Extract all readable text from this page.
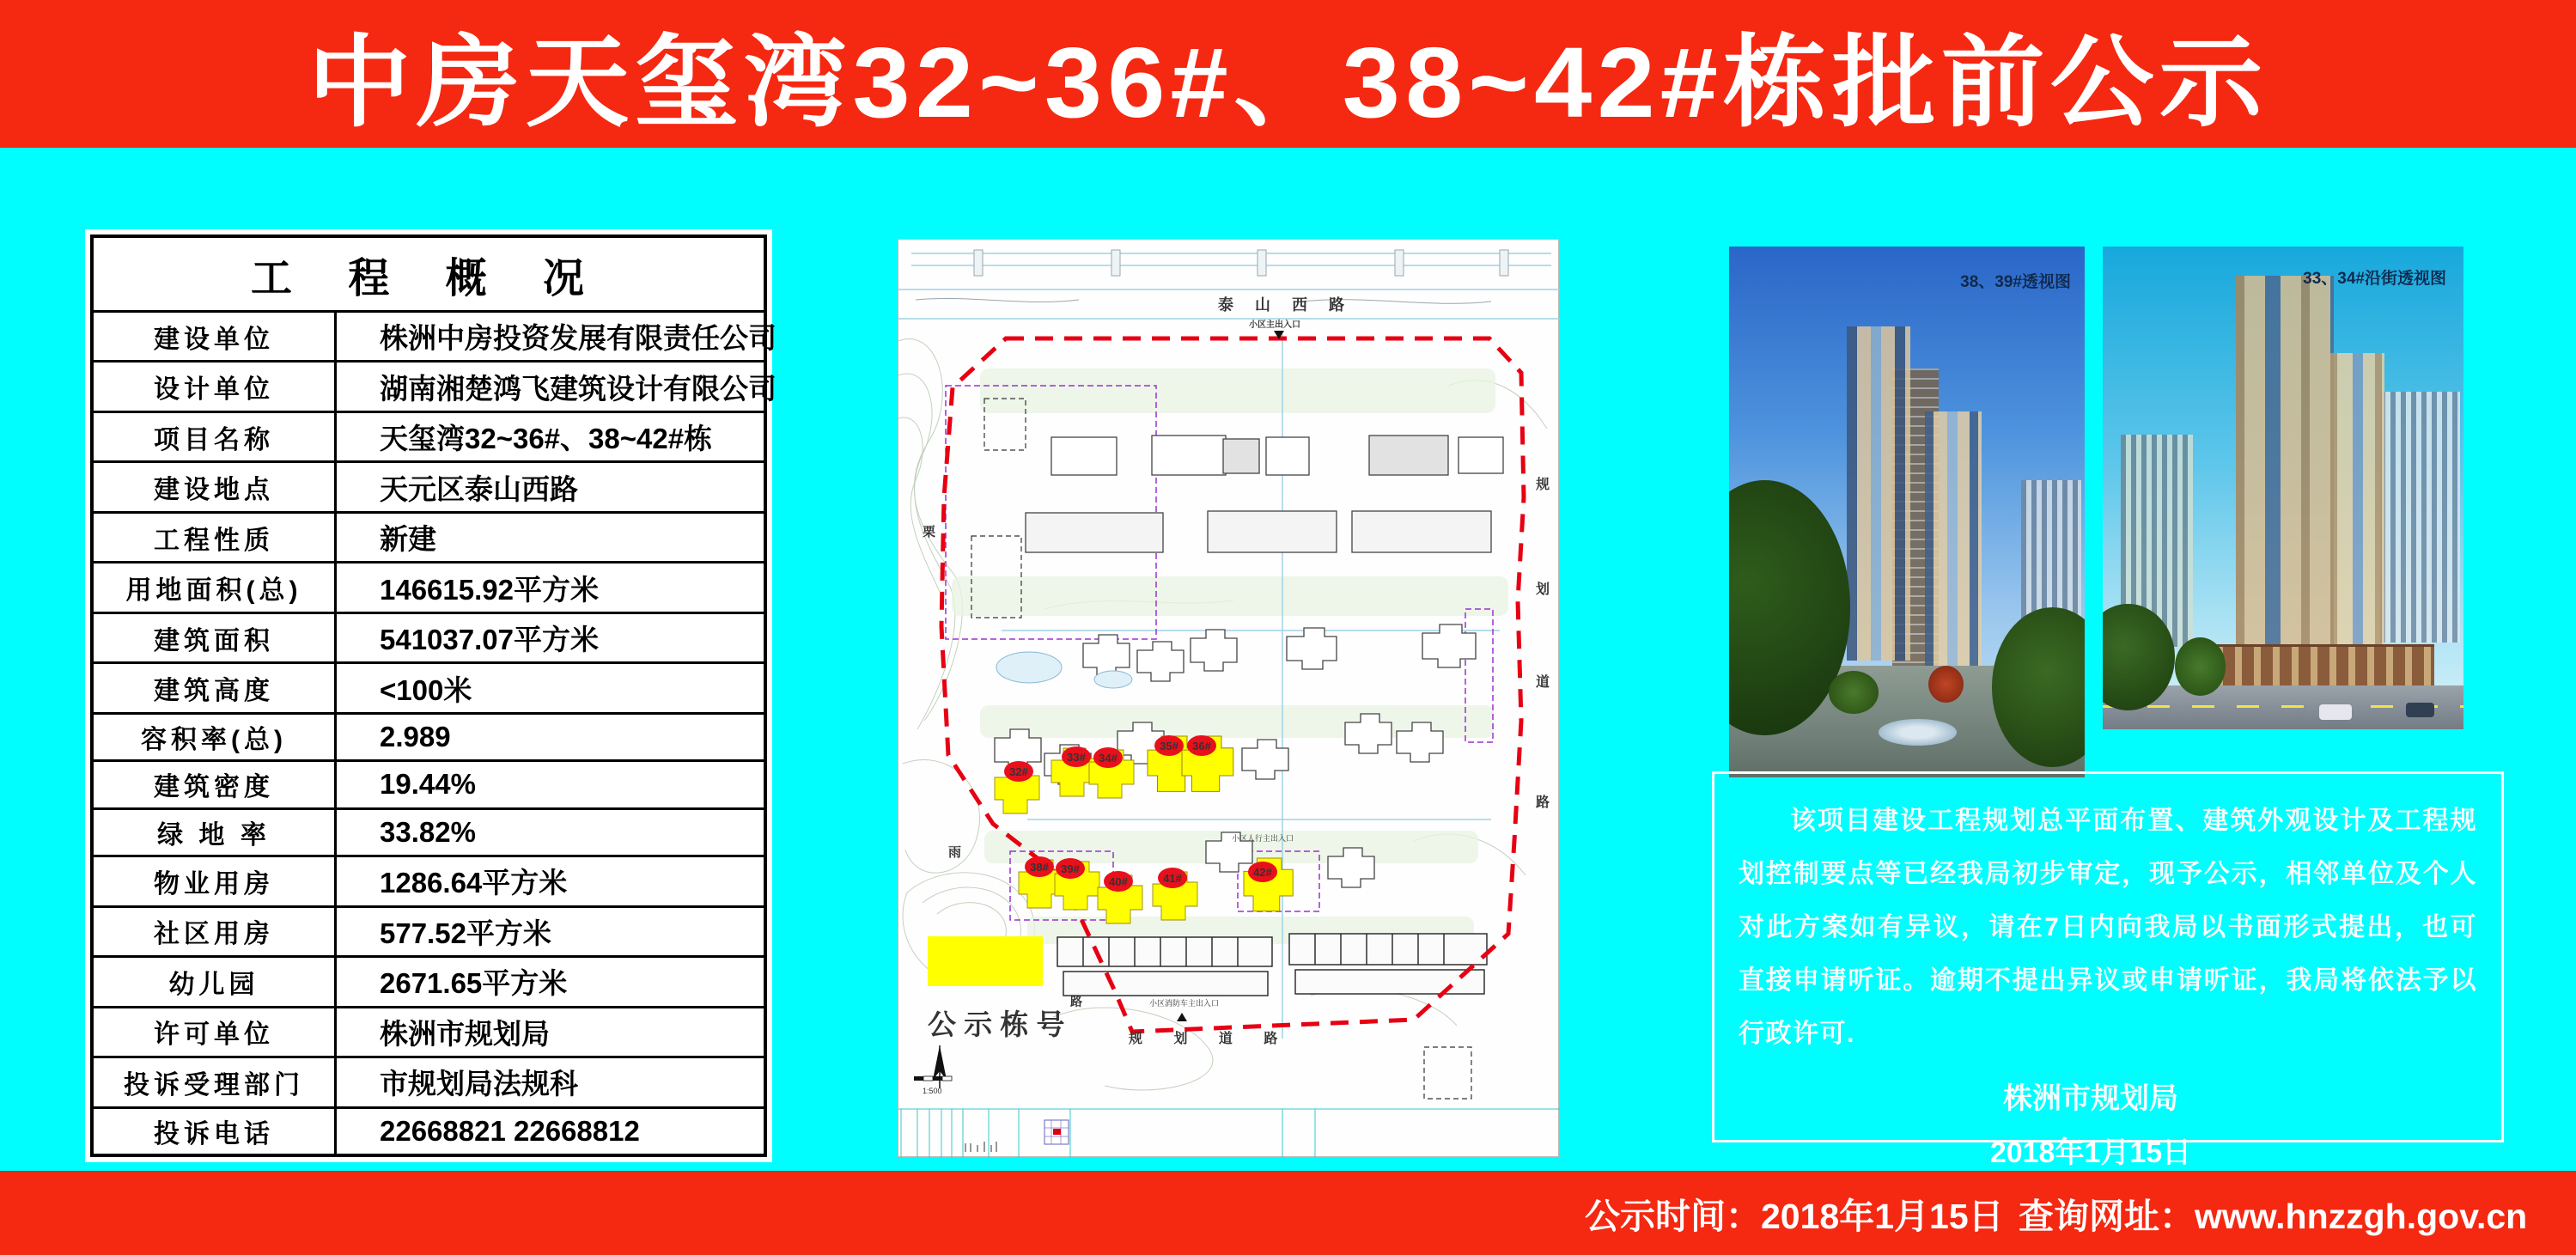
中房天玺湾32~36#、38~42#栋批前公示
工 程 概 况
建设单位	株洲中房投资发展有限责任公司
设计单位	湖南湘楚鸿飞建筑设计有限公司
项目名称	天玺湾32~36#、38~42#栋
建设地点	天元区泰山西路
工程性质	新建
用地面积(总)	146615.92平方米
建筑面积	541037.07平方米
建筑高度	<100米
容积率(总)	2.989
建筑密度	19.44%
绿 地 率	33.82%
物业用房	1286.64平方米
社区用房	577.52平方米
幼儿园	2671.65平方米
许可单位	株洲市规划局
投诉受理部门	市规划局法规科
投诉电话	22668821 22668812
32#
33# 34#
35# 36#
38# 39#
40#	41#	42#
泰 山 西 路
小区主出入口
小区人行主出入口
小区消防车主出入口
规 划 道 路
规
划
道
路
栗
雨
路
公 示 栋 号
1:500
38、39#透视图	33、34#沿街透视图
该项目建设工程规划总平面布置、建筑外观设计及工程规划控制要点等已经我局初步审定，现予公示，相邻单位及个人对此方案如有异议，请在7日内向我局以书面形式提出，也可直接申请听证。逾期不提出异议或申请听证，我局将依法予以行政许可.
株洲市规划局
2018年1月15日
公示时间：2018年1月15日 查询网址：www.hnzzgh.gov.cn
